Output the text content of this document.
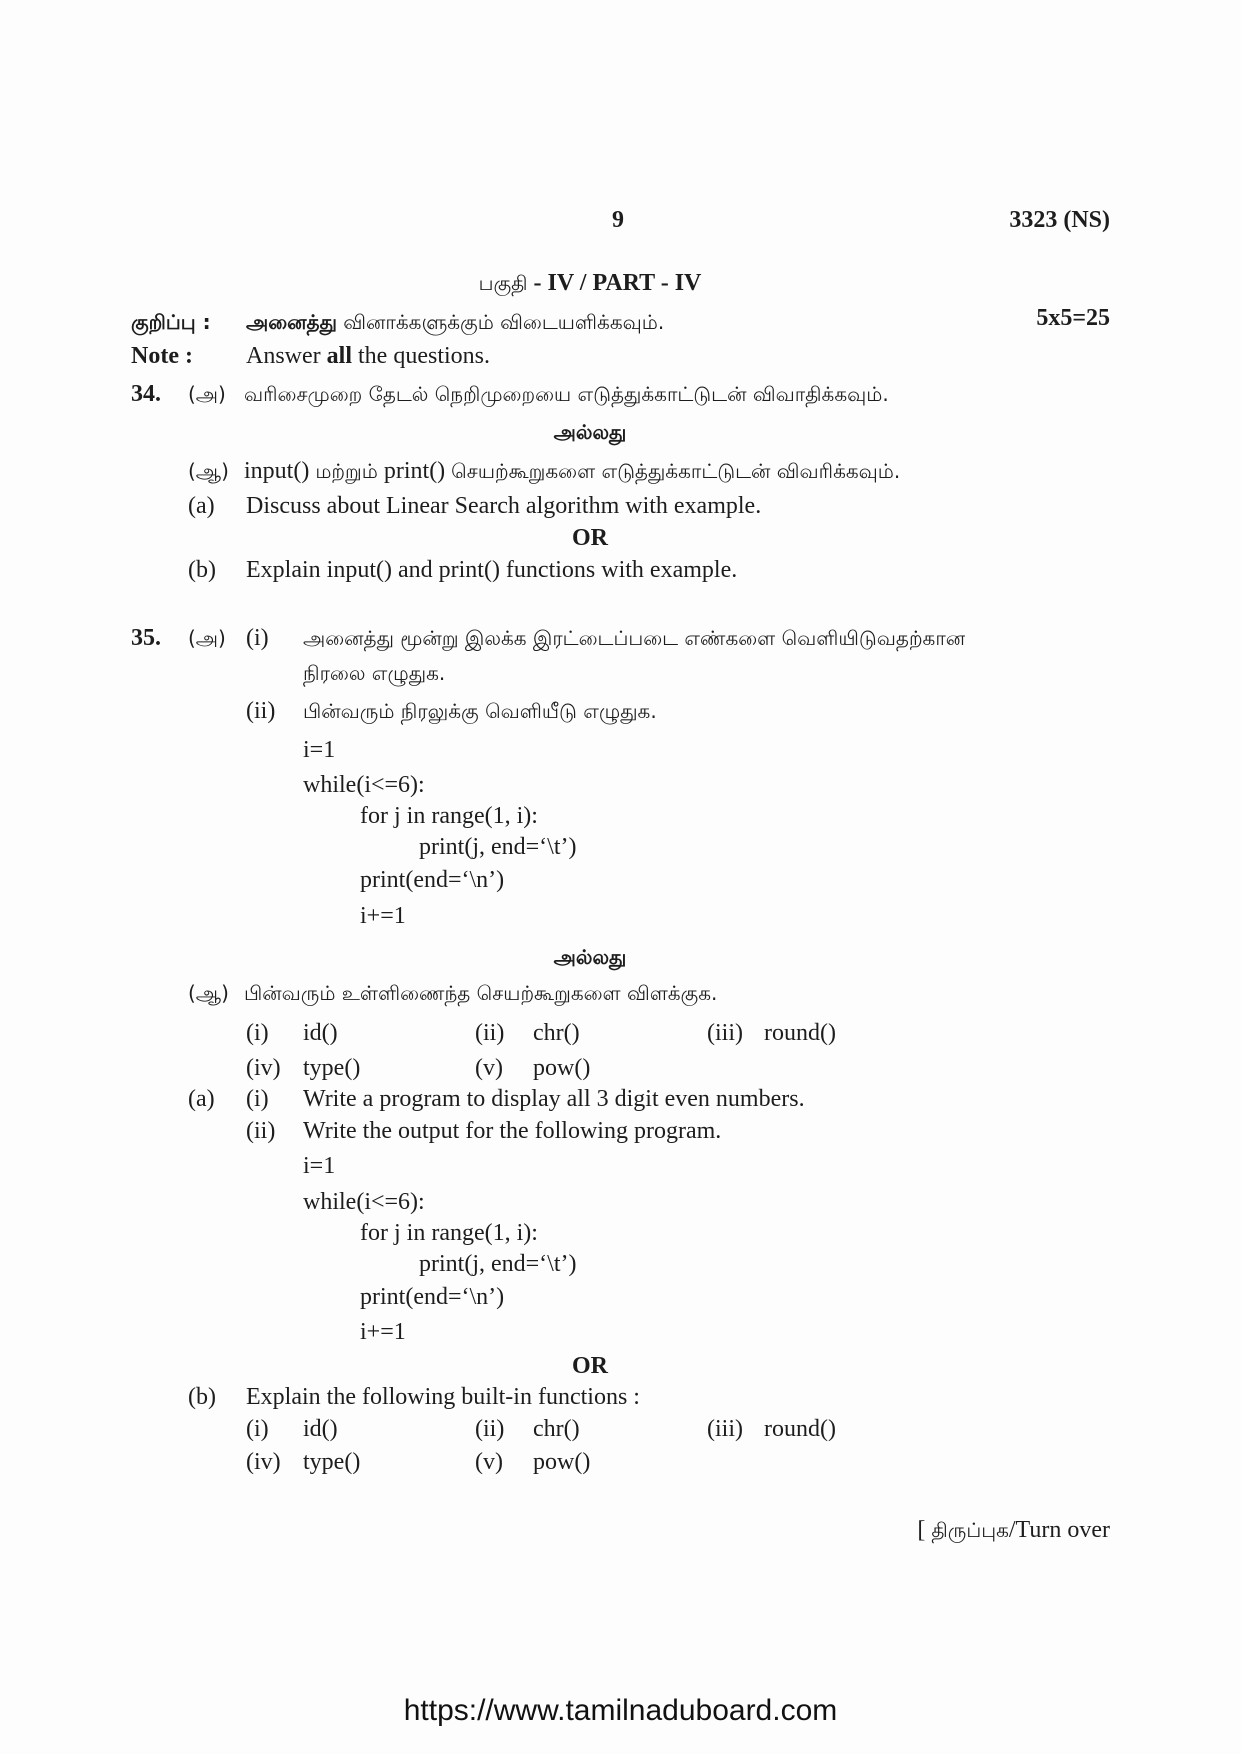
9	3323 (NS)
பகுதி - IV / PART - IV
குறிப்பு : அனைத்து வினாக்களுக்கும் விடையளிக்கவும்.	5x5=25
Note : Answer all the questions.
34. (அ) வரிசைமுறை தேடல் நெறிமுறையை எடுத்துக்காட்டுடன் விவாதிக்கவும்.
அல்லது
(ஆ) input() மற்றும் print() செயற்கூறுகளை எடுத்துக்காட்டுடன் விவரிக்கவும்.
(a) Discuss about Linear Search algorithm with example.
OR
(b) Explain input() and print() functions with example.
35. (அ) (i) அனைத்து மூன்று இலக்க இரட்டைப்படை எண்களை வெளியிடுவதற்கான
நிரலை எழுதுக.
(ii) பின்வரும் நிரலுக்கு வெளியீடு எழுதுக.
i=1
while(i<=6):
for j in range(1, i):
print(j, end=‘\t’)
print(end=‘\n’)
i+=1
அல்லது
(ஆ) பின்வரும் உள்ளிணைந்த செயற்கூறுகளை விளக்குக.
(i) id()	(ii) chr()	(iii) round()
(iv) type()	(v) pow()
(a) (i) Write a program to display all 3 digit even numbers.
(ii) Write the output for the following program.
i=1
while(i<=6):
for j in range(1, i):
print(j, end=‘\t’)
print(end=‘\n’)
i+=1
OR
(b) Explain the following built-in functions :
(i) id()	(ii) chr()	(iii) round()
(iv) type()	(v) pow()
[ திருப்புக/Turn over
https://www.tamilnaduboard.com
